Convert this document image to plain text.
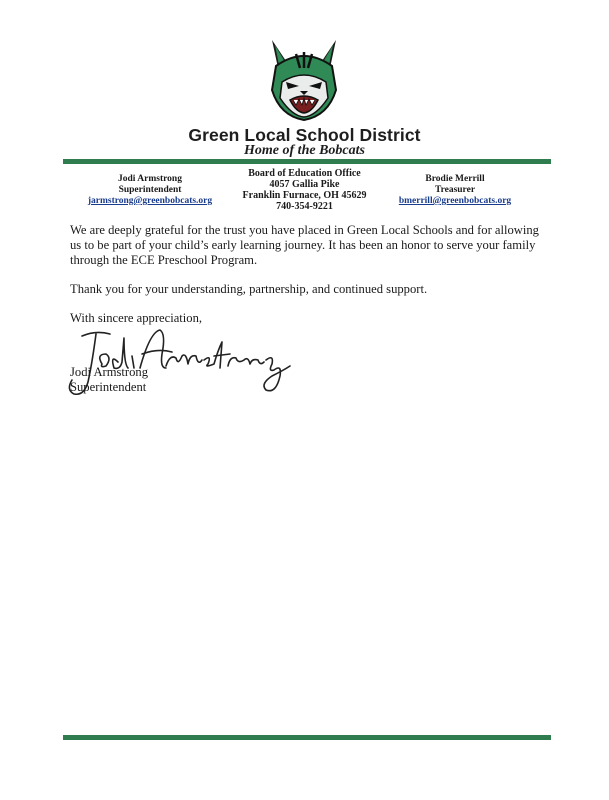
Green Local School District
Home of the Bobcats
Jodi Armstrong
Superintendent
jarmstrong@greenbobcats.org
Board of Education Office
4057 Gallia Pike
Franklin Furnace, OH 45629
740-354-9221
Brodie Merrill
Treasurer
bmerrill@greenbobcats.org
We are deeply grateful for the trust you have placed in Green Local Schools and for allowing us to be part of your child’s early learning journey. It has been an honor to serve your family through the ECE Preschool Program.
Thank you for your understanding, partnership, and continued support.
With sincere appreciation,
Jodi Armstrong
Superintendent
